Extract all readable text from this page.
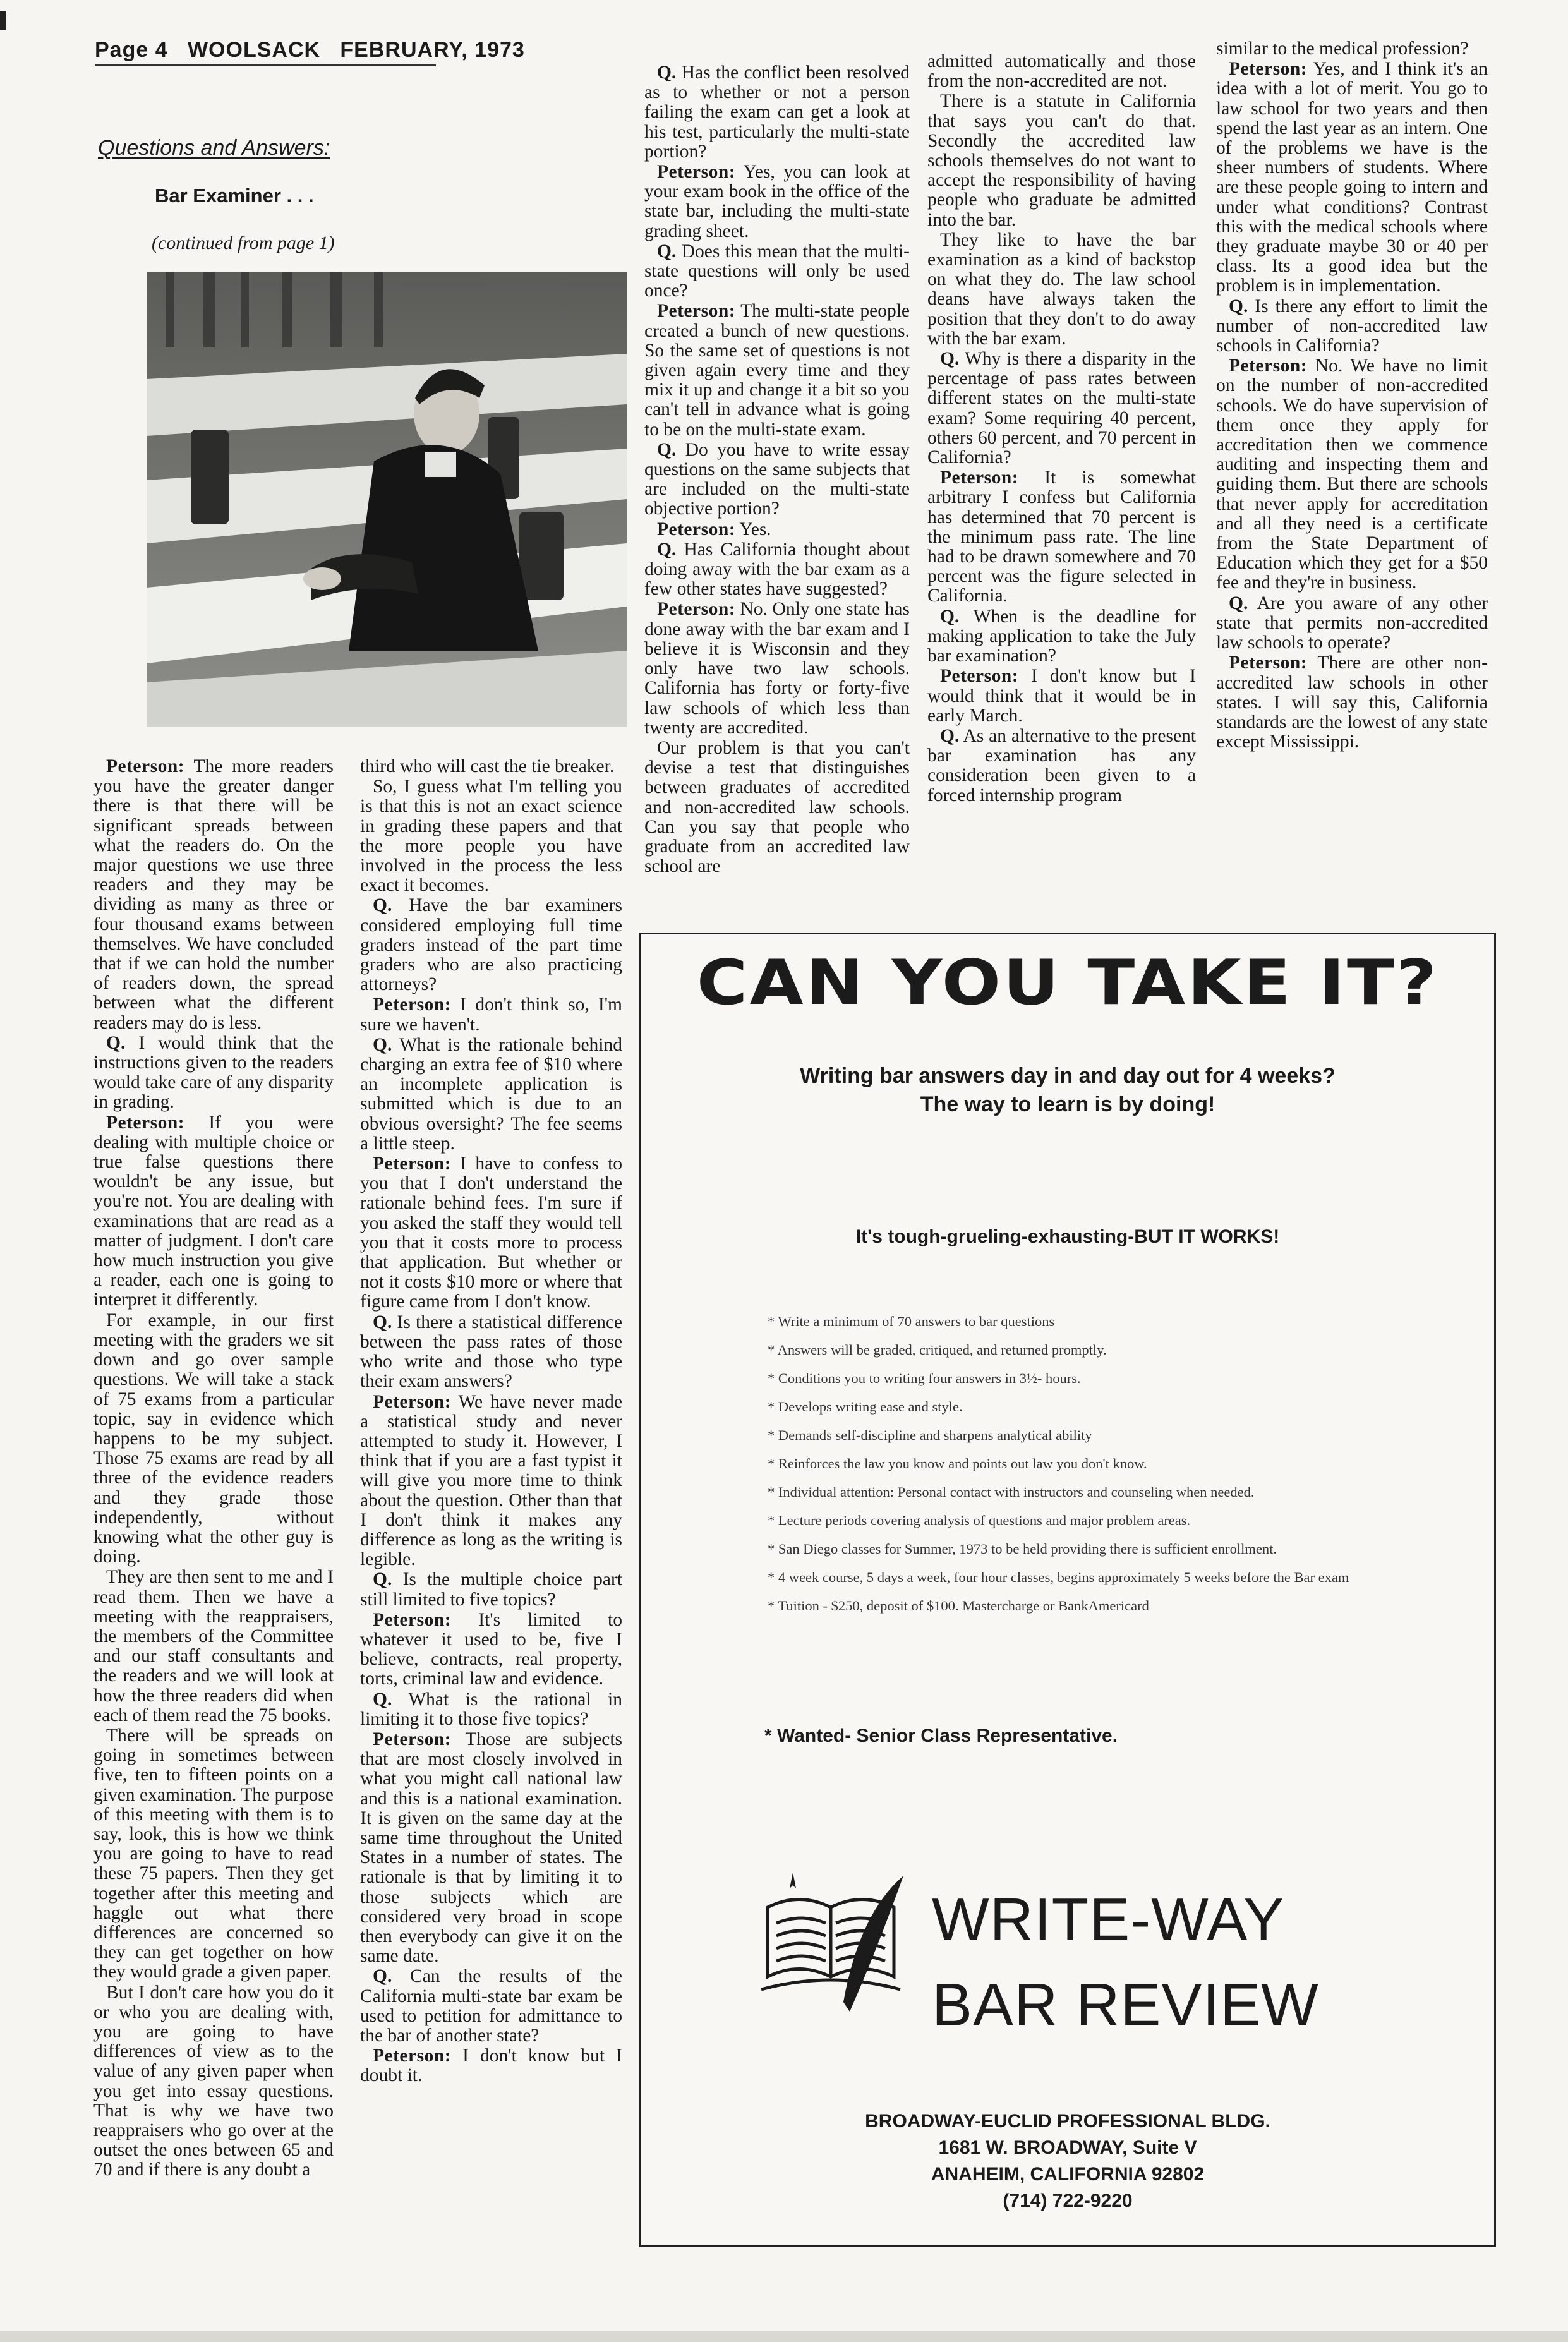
Page 4 WOOLSACK FEBRUARY, 1973
Questions and Answers:
Bar Examiner . . .
(continued from page 1)

Peterson: The more readers you have the greater danger there is that there will be significant spreads between what the readers do. On the major questions we use three readers and they may be dividing as many as three or four thousand exams between themselves. We have concluded that if we can hold the number of readers down, the spread between what the different readers may do is less.

Q. I would think that the instructions given to the readers would take care of any disparity in grading.

Peterson: If you were dealing with multiple choice or true false questions there wouldn't be any issue, but you're not. You are dealing with examinations that are read as a matter of judgment. I don't care how much instruction you give a reader, each one is going to interpret it differently.

For example, in our first meeting with the graders we sit down and go over sample questions. We will take a stack of 75 exams from a particular topic, say in evidence which happens to be my subject. Those 75 exams are read by all three of the evidence readers and they grade those independently, without knowing what the other guy is doing.

They are then sent to me and I read them. Then we have a meeting with the reappraisers, the members of the Committee and our staff consultants and the readers and we will look at how the three readers did when each of them read the 75 books.

There will be spreads on going in sometimes between five, ten to fifteen points on a given examination. The purpose of this meeting with them is to say, look, this is how we think you are going to have to read these 75 papers. Then they get together after this meeting and haggle out what there differences are concerned so they can get together on how they would grade a given paper.

But I don't care how you do it or who you are dealing with, you are going to have differences of view as to the value of any given paper when you get into essay questions. That is why we have two reappraisers who go over at the outset the ones between 65 and 70 and if there is any doubt a

third who will cast the tie breaker.

So, I guess what I'm telling you is that this is not an exact science in grading these papers and that the more people you have involved in the process the less exact it becomes.

Q. Have the bar examiners considered employing full time graders instead of the part time graders who are also practicing attorneys?

Peterson: I don't think so, I'm sure we haven't.

Q. What is the rationale behind charging an extra fee of $10 where an incomplete application is submitted which is due to an obvious oversight? The fee seems a little steep.

Peterson: I have to confess to you that I don't understand the rationale behind fees. I'm sure if you asked the staff they would tell you that it costs more to process that application. But whether or not it costs $10 more or where that figure came from I don't know.

Q. Is there a statistical difference between the pass rates of those who write and those who type their exam answers?

Peterson: We have never made a statistical study and never attempted to study it. However, I think that if you are a fast typist it will give you more time to think about the question. Other than that I don't think it makes any difference as long as the writing is legible.

Q. Is the multiple choice part still limited to five topics?

Peterson: It's limited to whatever it used to be, five I believe, contracts, real property, torts, criminal law and evidence.

Q. What is the rational in limiting it to those five topics?

Peterson: Those are subjects that are most closely involved in what you might call national law and this is a national examination. It is given on the same day at the same time throughout the United States in a number of states. The rationale is that by limiting it to those subjects which are considered very broad in scope then everybody can give it on the same date.

Q. Can the results of the California multi-state bar exam be used to petition for admittance to the bar of another state?

Peterson: I don't know but I doubt it.

Q. Has the conflict been resolved as to whether or not a person failing the exam can get a look at his test, particularly the multi-state portion?

Peterson: Yes, you can look at your exam book in the office of the state bar, including the multi-state grading sheet.

Q. Does this mean that the multi-state questions will only be used once?

Peterson: The multi-state people created a bunch of new questions. So the same set of questions is not given again every time and they mix it up and change it a bit so you can't tell in advance what is going to be on the multi-state exam.

Q. Do you have to write essay questions on the same subjects that are included on the multi-state objective portion?

Peterson: Yes.

Q. Has California thought about doing away with the bar exam as a few other states have suggested?

Peterson: No. Only one state has done away with the bar exam and I believe it is Wisconsin and they only have two law schools. California has forty or forty-five law schools of which less than twenty are accredited.

Our problem is that you can't devise a test that distinguishes between graduates of accredited and non-accredited law schools. Can you say that people who graduate from an accredited law school are

admitted automatically and those from the non-accredited are not.

There is a statute in California that says you can't do that. Secondly the accredited law schools themselves do not want to accept the responsibility of having people who graduate be admitted into the bar.

They like to have the bar examination as a kind of backstop on what they do. The law school deans have always taken the position that they don't to do away with the bar exam.

Q. Why is there a disparity in the percentage of pass rates between different states on the multi-state exam? Some requiring 40 percent, others 60 percent, and 70 percent in California?

Peterson: It is somewhat arbitrary I confess but California has determined that 70 percent is the minimum pass rate. The line had to be drawn somewhere and 70 percent was the figure selected in California.

Q. When is the deadline for making application to take the July bar examination?

Peterson: I don't know but I would think that it would be in early March.

Q. As an alternative to the present bar examination has any consideration been given to a forced internship program

similar to the medical profession?

Peterson: Yes, and I think it's an idea with a lot of merit. You go to law school for two years and then spend the last year as an intern. One of the problems we have is the sheer numbers of students. Where are these people going to intern and under what conditions? Contrast this with the medical schools where they graduate maybe 30 or 40 per class. Its a good idea but the problem is in implementation.

Q. Is there any effort to limit the number of non-accredited law schools in California?

Peterson: No. We have no limit on the number of non-accredited schools. We do have supervision of them once they apply for accreditation then we commence auditing and inspecting them and guiding them. But there are schools that never apply for accreditation and all they need is a certificate from the State Department of Education which they get for a $50 fee and they're in business.

Q. Are you aware of any other state that permits non-accredited law schools to operate?

Peterson: There are other non-accredited law schools in other states. I will say this, California standards are the lowest of any state except Mississippi.

CAN YOU TAKE IT?
Writing bar answers day in and day out for 4 weeks?
The way to learn is by doing!
It's tough-grueling-exhausting-BUT IT WORKS!
* Write a minimum of 70 answers to bar questions
* Answers will be graded, critiqued, and returned promptly.
* Conditions you to writing four answers in 3½- hours.
* Develops writing ease and style.
* Demands self-discipline and sharpens analytical ability
* Reinforces the law you know and points out law you don't know.
* Individual attention: Personal contact with instructors and counseling when needed.
* Lecture periods covering analysis of questions and major problem areas.
* San Diego classes for Summer, 1973 to be held providing there is sufficient enrollment.
* 4 week course, 5 days a week, four hour classes, begins approximately 5 weeks before the Bar exam
* Tuition - $250, deposit of $100. Mastercharge or BankAmericard
* Wanted- Senior Class Representative.
WRITE-WAY
BAR REVIEW
BROADWAY-EUCLID PROFESSIONAL BLDG.
1681 W. BROADWAY, Suite V
ANAHEIM, CALIFORNIA 92802
(714) 722-9220
